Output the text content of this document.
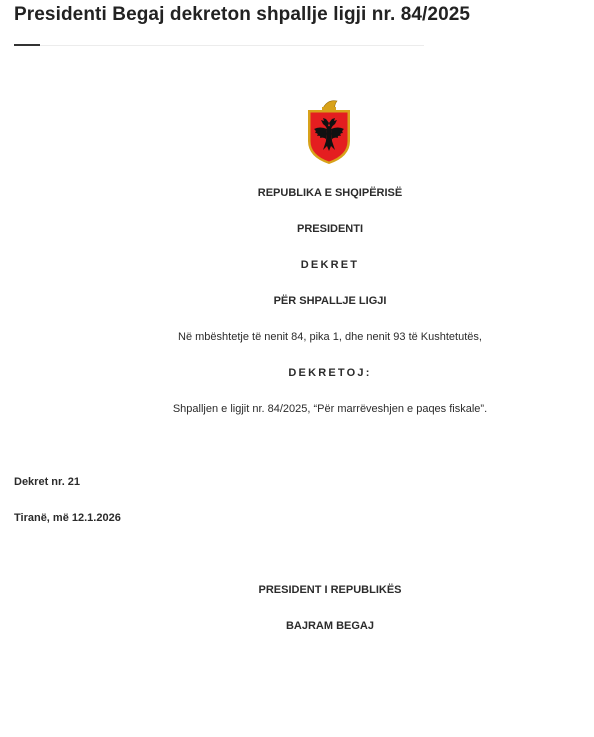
Presidenti Begaj dekreton shpallje ligji nr. 84/2025
REPUBLIKA E SHQIPËRISË
PRESIDENTI
DEKRET
PËR SHPALLJE LIGJI
Në mbështetje të nenit 84, pika 1, dhe nenit 93 të Kushtetutës,
DEKRETOJ:
Shpalljen e ligjit nr. 84/2025, “Për marrëveshjen e paqes fiskale”.
Dekret nr. 21
Tiranë, më 12.1.2026
PRESIDENT I REPUBLIKËS
BAJRAM BEGAJ
